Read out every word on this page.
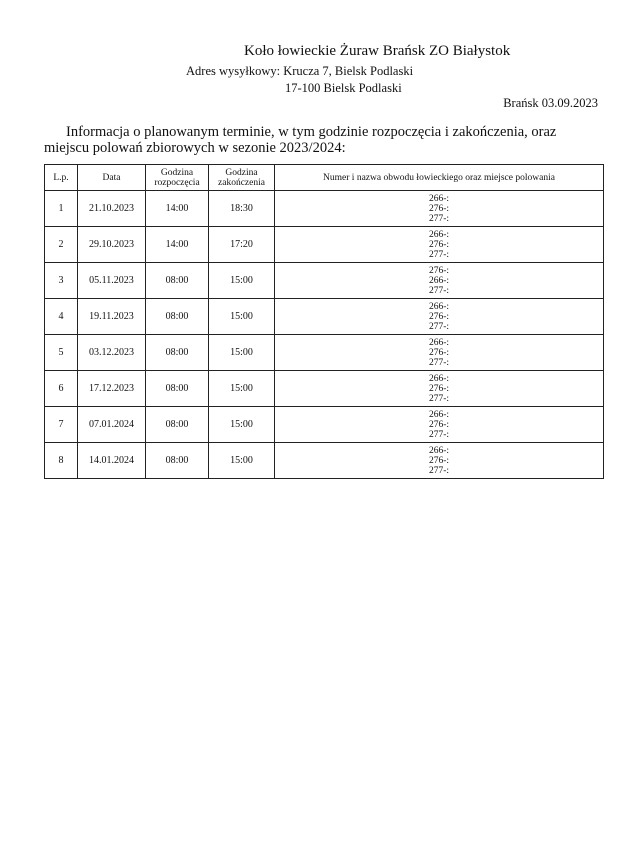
Koło łowieckie Żuraw Brańsk ZO Białystok
Adres wysyłkowy: Krucza 7, Bielsk Podlaski
17-100 Bielsk Podlaski
Brańsk 03.09.2023
Informacja o planowanym terminie, w tym godzinie rozpoczęcia i zakończenia, oraz miejscu polowań zbiorowych w sezonie 2023/2024:
L.p.	Data	Godzina rozpoczęcia	Godzina zakończenia	Numer i nazwa obwodu łowieckiego oraz miejsce polowania
1	21.10.2023	14:00	18:30	266-:
276-:
277-:

2	29.10.2023	14:00	17:20	266-:
276-:
277-:

3	05.11.2023	08:00	15:00	276-:
266-:
277-:

4	19.11.2023	08:00	15:00	266-:
276-:
277-:

5	03.12.2023	08:00	15:00	266-:
276-:
277-:

6	17.12.2023	08:00	15:00	266-:
276-:
277-:

7	07.01.2024	08:00	15:00	266-:
276-:
277-:

8	14.01.2024	08:00	15:00	266-:
276-:
277-:
